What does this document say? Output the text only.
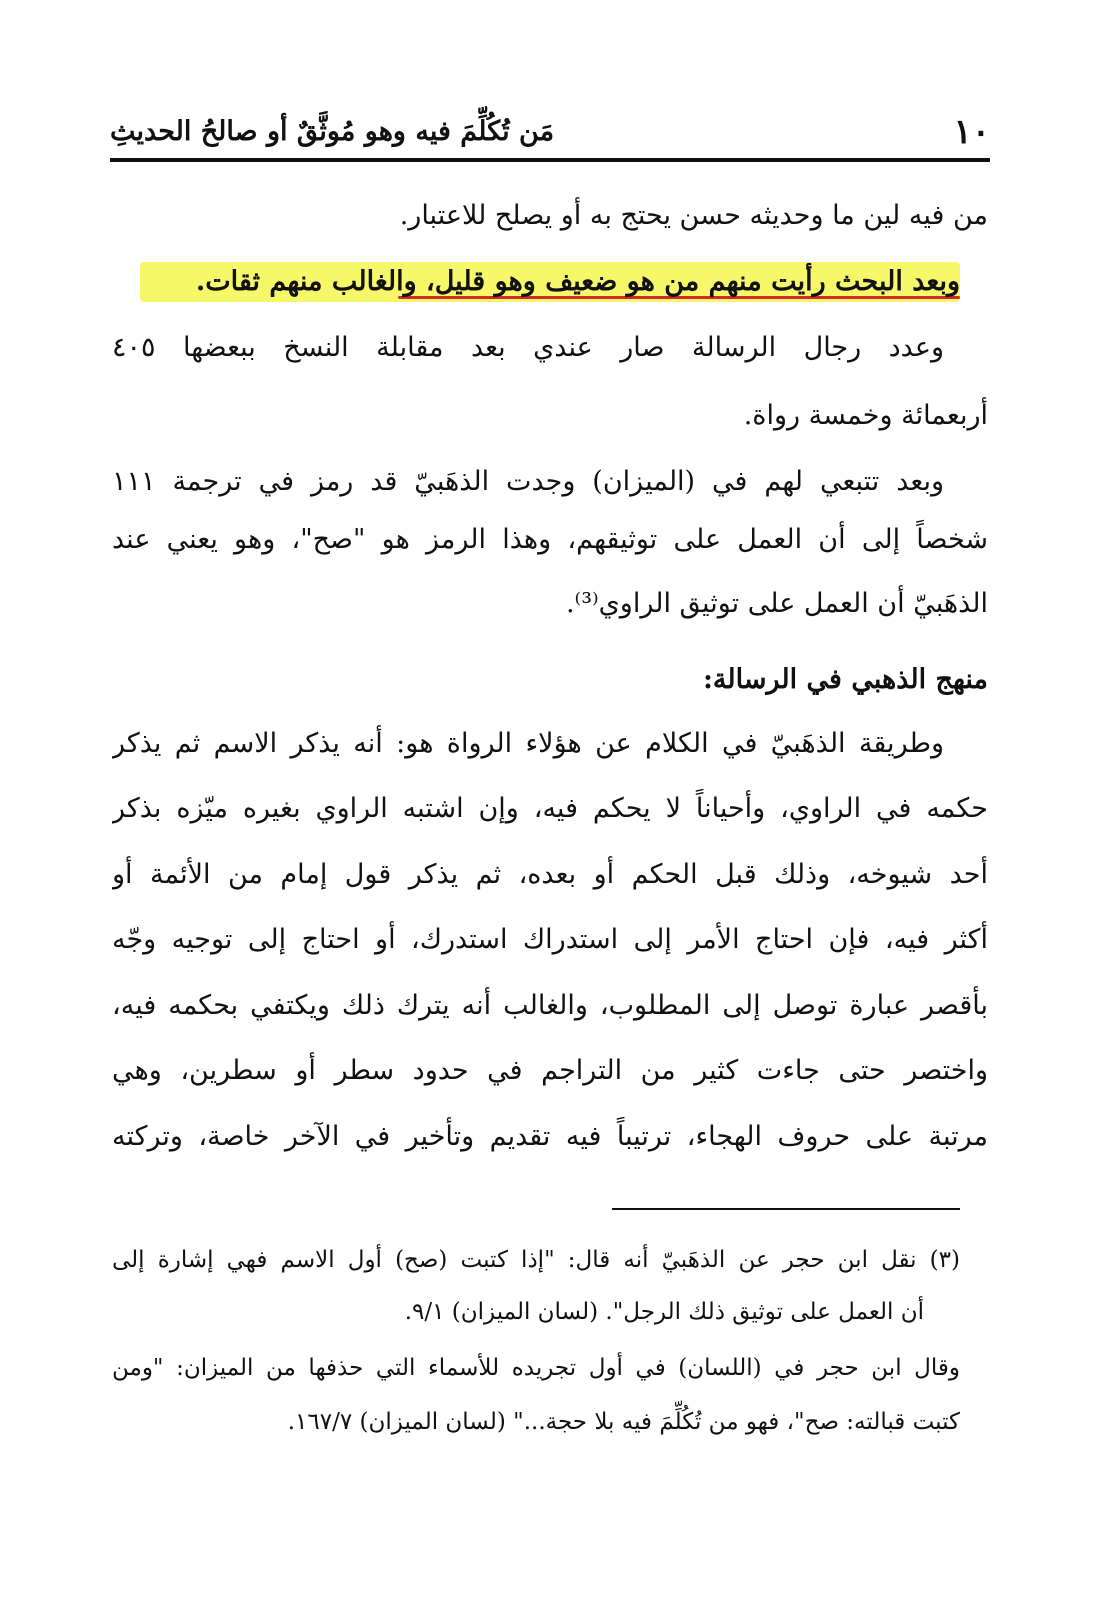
١٠
مَن تُكُلِّمَ فيه وهو مُوثَّقٌ أو صالحُ الحديثِ
من فيه لين ما وحديثه حسن يحتج به أو يصلح للاعتبار.
وبعد البحث رأيت منهم من هو ضعيف وهو قليل، والغالب منهم ثقات.
وعدد رجال الرسالة صار عندي بعد مقابلة النسخ ببعضها ٤٠٥
أربعمائة وخمسة رواة.
وبعد تتبعي لهم في (الميزان) وجدت الذهَبيّ قد رمز في ترجمة ١١١
شخصاً إلى أن العمل على توثيقهم، وهذا الرمز هو "صح"، وهو يعني عند
الذهَبيّ أن العمل على توثيق الراوي⁽³⁾.
منهج الذهبي في الرسالة:
وطريقة الذهَبيّ في الكلام عن هؤلاء الرواة هو: أنه يذكر الاسم ثم يذكر
حكمه في الراوي، وأحياناً لا يحكم فيه، وإن اشتبه الراوي بغيره ميّزه بذكر
أحد شيوخه، وذلك قبل الحكم أو بعده، ثم يذكر قول إمام من الأئمة أو
أكثر فيه، فإن احتاج الأمر إلى استدراك استدرك، أو احتاج إلى توجيه وجّه
بأقصر عبارة توصل إلى المطلوب، والغالب أنه يترك ذلك ويكتفي بحكمه فيه،
واختصر حتى جاءت كثير من التراجم في حدود سطر أو سطرين، وهي
مرتبة على حروف الهجاء، ترتيباً فيه تقديم وتأخير في الآخر خاصة، وتركته
(٣) نقل ابن حجر عن الذهَبيّ أنه قال: "إذا كتبت (صح) أول الاسم فهي إشارة إلى
أن العمل على توثيق ذلك الرجل". (لسان الميزان) ٩/١.
وقال ابن حجر في (اللسان) في أول تجريده للأسماء التي حذفها من الميزان: "ومن
كتبت قبالته: صح"، فهو من تُكُلِّمَ فيه بلا حجة..." (لسان الميزان) ١٦٧/٧.
